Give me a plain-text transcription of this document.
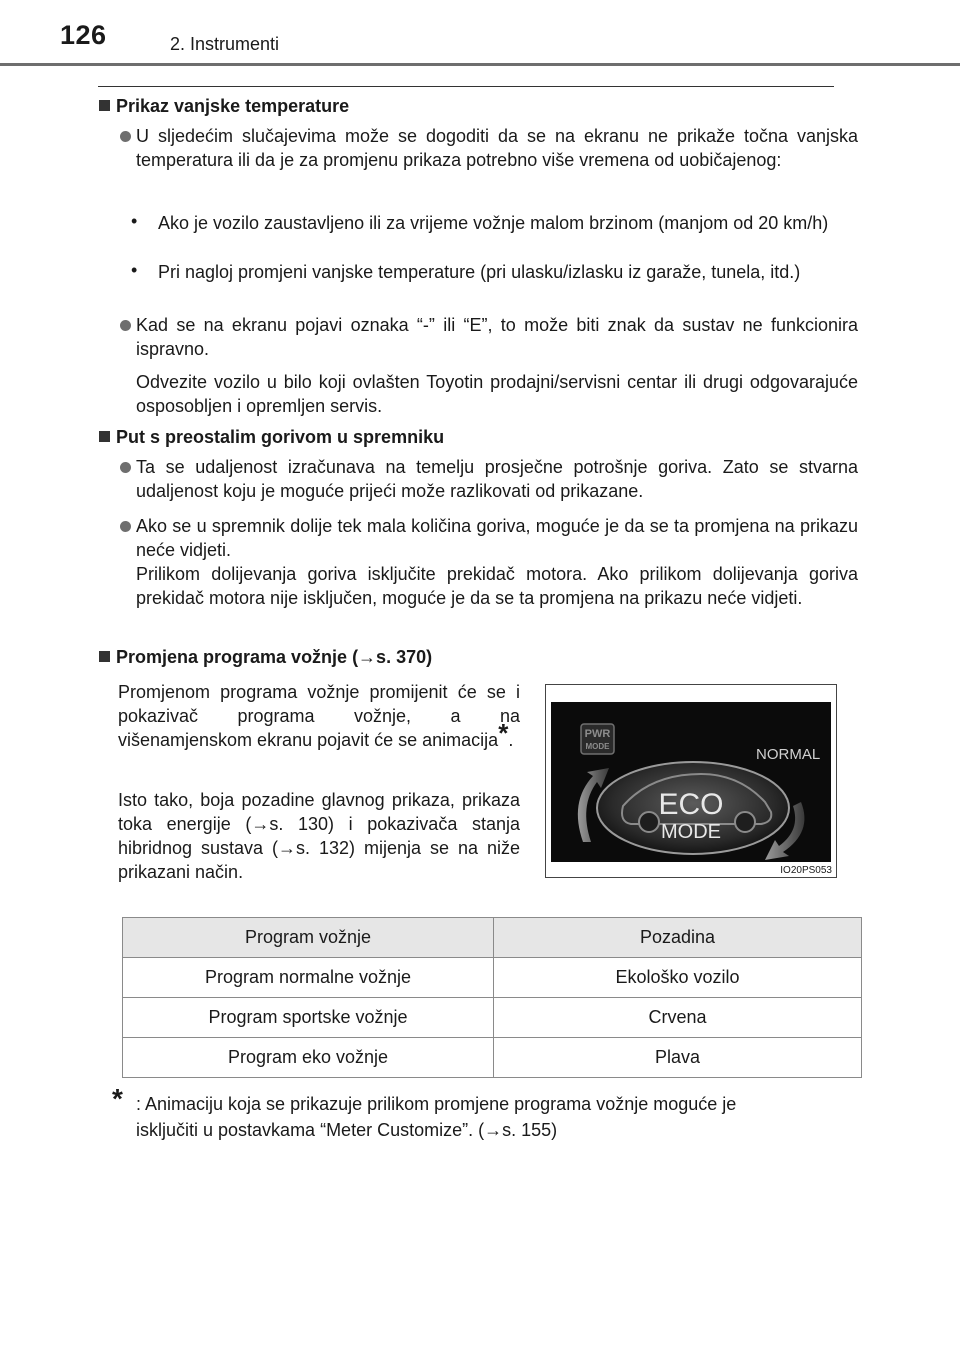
126	2. Instrumenti
Prikaz vanjske temperature
U sljedećim slučajevima može se dogoditi da se na ekranu ne prikaže točna vanjska temperatura ili da je za promjenu prikaza potrebno više vremena od uobičajenog:
• Ako je vozilo zaustavljeno ili za vrijeme vožnje malom brzinom (manjom od 20 km/h)
• Pri nagloj promjeni vanjske temperature (pri ulasku/izlasku iz garaže, tunela, itd.)
Kad se na ekranu pojavi oznaka “-” ili “E”, to može biti znak da sustav ne funkcionira ispravno.
Odvezite vozilo u bilo koji ovlašten Toyotin prodajni/servisni centar ili drugi odgovarajuće osposobljen i opremljen servis.
Put s preostalim gorivom u spremniku
Ta se udaljenost izračunava na temelju prosječne potrošnje goriva. Zato se stvarna udaljenost koju je moguće prijeći može razlikovati od prikazane.
Ako se u spremnik dolije tek mala količina goriva, moguće je da se ta promjena na prikazu neće vidjeti.
Prilikom dolijevanja goriva isključite prekidač motora. Ako prilikom dolijevanja goriva prekidač motora nije isključen, moguće je da se ta promjena na prikazu neće vidjeti.
Promjena programa vožnje (→s. 370)
Promjenom programa vožnje promijenit će se i pokazivač programa vožnje, a na višenamjenskom ekranu pojavit će se animacija*.
Isto tako, boja pozadine glavnog prikaza, prikaza toka energije (→s. 130) i pokazivača stanja hibridnog sustava (→s. 132) mijenja se na niže prikazani način.
PWR
MODE	NORMAL
ECO
MODE
IO20PS053
Program vožnje	Pozadina
Program normalne vožnje	Ekološko vozilo
Program sportske vožnje	Crvena
Program eko vožnje	Plava
* : Animaciju koja se prikazuje prilikom promjene programa vožnje moguće je
isključiti u postavkama “Meter Customize”. (→s. 155)
